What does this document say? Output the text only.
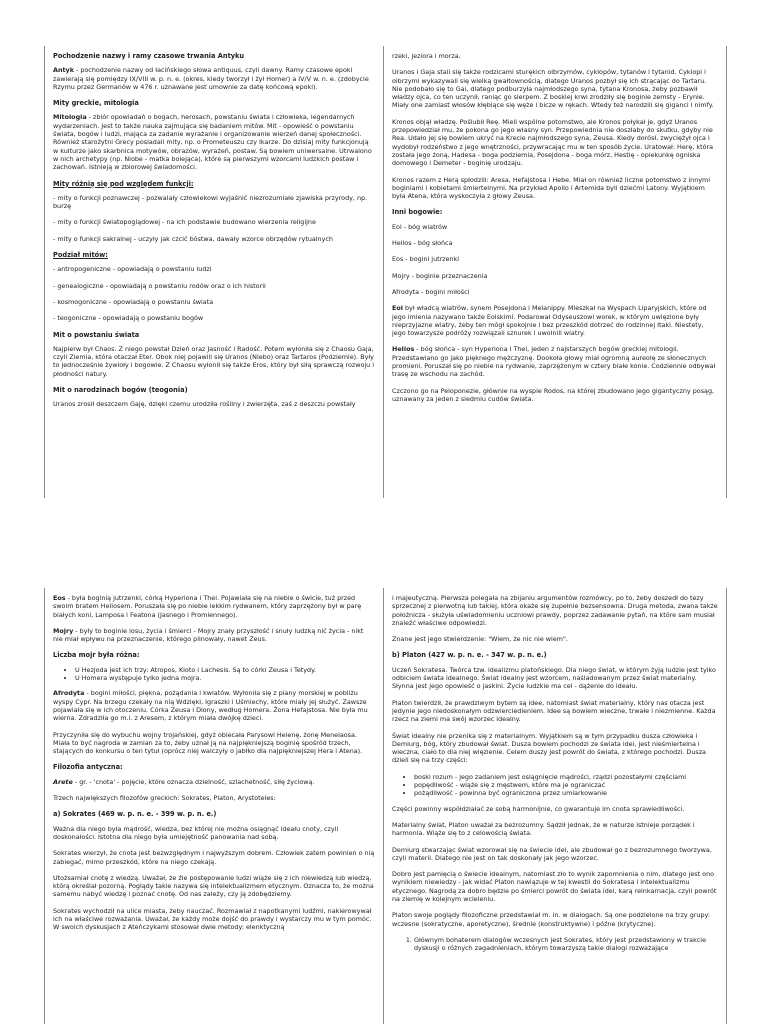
Pochodzenie nazwy i ramy czasowe trwania Antyku

Antyk - pochodzenie nazwy od łacińskiego słowa antiquus, czyli dawny. Ramy czasowe epoki zawierają się pomiędzy IX/VIII w. p. n. e. (okres, kiedy tworzył i żył Homer) a IV/V w. n. e. (zdobycie Rzymu przez Germanów w 476 r. uznawane jest umownie za datę końcową epoki).

Mity greckie, mitologia

Mitologia - zbiór opowiadań o bogach, herosach, powstaniu świata i człowieka, legendarnych wydarzeniach. Jest to także nauka zajmująca się badaniem mitów. Mit - opowieść o powstaniu świata, bogów i ludzi, mająca za zadanie wyrażanie i organizowanie wierzeń danej społeczności. Również starożytni Grecy posiadali mity, np. o Prometeuszu czy Ikarze. Do dzisiaj mity funkcjonują w kulturze jako skarbnica motywów, obrazów, wyrażeń, postaw. Są bowiem uniwersalne. Utrwalono w nich archetypy (np. Niobe - matka bolejąca), które są pierwszymi wzorcami ludzkich postaw i zachowań. Istnieją w zbiorowej świadomości.

Mity różnią się pod względem funkcji:

- mity o funkcji poznawczej - pozwalały człowiekowi wyjaśnić niezrozumiałe zjawiska przyrody, np. burzę

- mity o funkcji światopoglądowej - na ich podstawie budowano wierzenia religijne

- mity o funkcji sakralnej - uczyły jak czcić bóstwa, dawały wzorce obrzędów rytualnych

Podział mitów:

- antropogeniczne - opowiadają o powstaniu ludzi

- genealogiczne - opowiadają o powstaniu rodów oraz o ich historii

- kosmogoniczne - opowiadają o powstaniu świata

- teogoniczne - opowiadają o powstaniu bogów

Mit o powstaniu świata

Najpierw był Chaos. Z niego powstał Dzień oraz Jasność i Radość. Potem wyłoniła się z Chaosu Gaja, czyli Ziemia, która otaczał Eter. Obok niej pojawili się Uranos (Niebo) oraz Tartaros (Podziemie). Były to jednocześnie żywioły i bogowie. Z Chaosu wyłonił się także Eros, który był siłą sprawczą rozwoju i płodności natury.

Mit o narodzinach bogów (teogonia)

Uranos zrosił deszczem Gaję, dzięki czemu urodziła rośliny i zwierzęta, zaś z deszczu powstały

rzeki, jeziora i morza.

Uranos i Gaja stali się także rodzicami sturękich olbrzymów, cyklopów, tytanów i tytanid. Cyklopi i olbrzymi wykazywali się wielką gwałtownością, dlatego Uranos pozbył się ich strącając do Tartaru. Nie podobało się to Gai, dlatego podburzyła najmłodszego syna, tytana Kronosa, żeby pozbawił władzy ojca, co ten uczynił, raniąc go sierpem. Z boskiej krwi zrodziły się boginie zemsty - Erynie. Miały one zamiast włosów kłębiące się węże i bicze w rękach. Wtedy też narodzili się giganci i nimfy.

Kronos objął władzę. Poślubił Reę. Mieli wspólne potomstwo, ale Kronos połykał je, gdyż Uranos przepowiedział mu, że pokona go jego własny syn. Przepowiednia nie doszłaby do skutku, gdyby nie Rea. Udało jej się bowiem ukryć na Krecie najmłodszego syna, Zeusa. Kiedy dorósł, zwyciężył ojca i wydobył rodzeństwo z jego wnętrzności, przywracając mu w ten sposób życie. Uratował: Herę, która została jego żoną, Hadesa - boga podziemia, Posejdona - boga mórz, Hestię - opiekunkę ogniska domowego i Demeter - boginię urodzaju.

Kronos razem z Herą spłodzili: Aresa, Hefajstosa i Hebe. Miał on również liczne potomstwo z innymi boginiami i kobietami śmiertelnymi. Na przykład Apollo i Artemida byli dziećmi Latony. Wyjątkiem była Atena, która wyskoczyła z głowy Zeusa.

Inni bogowie:

Eol - bóg wiatrów

Helios - bóg słońca

Eos - bogini jutrzenki

Mojry - boginie przeznaczenia

Afrodyta - bogini miłości

Eol był władcą wiatrów, synem Posejdona i Melanippy. Mieszkał na Wyspach Liparyjskich, które od jego imienia nazywano także Eolskimi. Podarował Odyseuszowi worek, w którym uwięzione były nieprzyjazne wiatry, żeby ten mógł spokojnie i bez przeszkód dotrzeć do rodzinnej Itaki. Niestety, jego towarzysze podróży rozwiązali sznurek i uwolnili wiatry.

Helios - bóg słońca - syn Hyperiona i Thei, jeden z najstarszych bogów greckiej mitologii. Przedstawiano go jako pięknego mężczyznę. Dookoła głowy miał ogromną aureolę ze słonecznych promieni. Poruszał się po niebie na rydwanie, zaprzężonym w cztery białe konie. Codziennie odbywał trasę ze wschodu na zachód.

Czczono go na Peloponezie, głównie na wyspie Rodos, na której zbudowano jego gigantyczny posąg, uznawany za jeden z siedmiu cudów świata.

Eos - była boginią jutrzenki, córką Hyperiona i Thei. Pojawiała się na niebie o świcie, tuż przed swoim bratem Heliosem. Poruszała się po niebie lekkim rydwanem, który zaprzężony był w parę białych koni, Lamposa i Featona (Jasnego i Promiennego).

Mojry - były to boginie losu, życia i śmierci - Mojry znały przyszłość i snuły ludzką nić życia - nikt nie miał wpływu na przeznaczenie, którego pilnowały, nawet Zeus.

Liczba mojr była różna:
• U Hezjoda jest ich trzy: Atropos, Kloto i Lachesis. Są to córki Zeusa i Tetydy.
• U Homera występuje tylko jedna mojra.

Afrodyta - bogini miłości, piękna, pożądania i kwiatów. Wyłoniła się z piany morskiej w pobliżu wyspy Cypr. Na brzegu czekały na nią Wdzięki, Igraszki i Uśmiechy, które miały jej służyć. Zawsze pojawiała się w ich otoczeniu. Córka Zeusa i Diony, według Homera. Żona Hefajstosa. Nie była mu wierna. Zdradziła go m.i. z Aresem, z którym miała dwójkę dzieci.

Przyczyniła się do wybuchu wojny trojańskiej, gdyż obiecała Parysowi Helenę, żonę Menelaosa. Miała to być nagroda w zamian za to, żeby uznał ją na najpiękniejszą boginię spośród trzech, stających do konkursu o ten tytuł (oprócz niej walczyły o jabłko dla najpiękniejszej Hera i Atena).

Filozofia antyczna:

Arete - gr. - 'cnota' - pojęcie, które oznacza dzielność, szlachetność, siłę życiową.

Trzech największych filozofów greckich: Sokrates, Platon, Arystoteles:

a) Sokrates (469 w. p. n. e. - 399 w. p. n. e.)

Ważna dla niego była mądrość, wiedza, bez której nie można osiągnąć ideału cnoty, czyli doskonałości. Istotna dla niego była umiejętność panowania nad sobą.

Sokrates wierzył, że cnota jest bezwzględnym i najwyższym dobrem. Człowiek zatem powinien o nią zabiegać, mimo przeszkód, które na niego czekają.

Utożsamiał cnotę z wiedzą. Uważał, że źle postępowanie ludzi wiąże się z ich niewiedzą lub wiedzą, którą określał pozorną. Poglądy takie nazywa się intelektualizmem etycznym. Oznacza to, że można samemu nabyć wiedzę i poznać cnotę. Od nas zależy, czy ją zdobędziemy.

Sokrates wychodził na ulice miasta, żeby nauczać. Rozmawiał z napotkanymi ludźmi, nakierowywał ich na właściwe rozważania. Uważał, że każdy może dojść do prawdy i wystarczy mu w tym pomóc. W swoich dyskusjach z Ateńczykami stosował dwie metody: elenktyczną

i majeutyczną. Pierwsza polegała na zbijaniu argumentów rozmówcy, po to, żeby doszedł do tezy sprzecznej z pierwotną lub takiej, która okaże się zupełnie bezsensowna. Druga metoda, zwana także położnicza - służyła uświadomieniu uczniowi prawdy, poprzez zadawanie pytań, na które sam musiał znaleźć właściwe odpowiedzi.

Znane jest jego stwierdzenie: "Wiem, że nic nie wiem".

b) Platon (427 w. p. n. e. - 347 w. p. n. e.)

Uczeń Sokratesa. Twórca tzw. idealizmu platońskiego. Dla niego świat, w którym żyją ludzie jest tylko odbiciem świata idealnego. Świat idealny jest wzorcem, naśladowanym przez świat materialny. Słynna jest jego opowieść o jaskini. Życie ludzkie ma cel - dążenie do ideału.

Platon twierdził, że prawdziwym bytem są idee, natomiast świat materialny, który nas otacza jest jedynie jego niedoskonałym odzwierciedleniem. Idee są bowiem wieczne, trwałe i niezmienne. Każda rzecz na ziemi ma swój wzorzec idealny.

Świat idealny nie przenika się z materialnym. Wyjątkiem są w tym przypadku dusza człowieka i Demiurg, bóg, który zbudował świat. Dusza bowiem pochodzi ze świata idei, jest nieśmiertelna i wieczna, ciało to dla niej więzienie. Celem duszy jest powrót do świata, z którego pochodzi. Dusza dzieli się na trzy części:

• boski rozum - jego zadaniem jest osiągnięcie mądrości, rządzi pozostałymi częściami
• popędliwość - wiąże się z męstwem, które ma je ograniczać
• pożądliwość - powinna być ograniczona przez umiarkowanie

Części powinny współdziałać ze sobą harmonijnie, co gwarantuje im cnota sprawiedliwości.

Materialny świat, Platon uważał za bezrozumny. Sądził jednak, że w naturze istnieje porządek i harmonia. Wiąże się to z celowością świata.

Demiurg stwarzając świat wzorował się na świecie idei, ale zbudował go z bezrozumnego tworzywa, czyli materii. Dlatego nie jest on tak doskonały jak jego wzorzec.

Dobro jest pamięcią o świecie idealnym, natomiast zło to wynik zapomnienia o nim, dlatego jest ono wynikiem niewiedzy - jak widać Platon nawiązuje w tej kwestii do Sokratesa i intelektualizmu etycznego. Nagrodą za dobro będzie po śmierci powrót do świata idei, karą reinkarnacja, czyli powrót na ziemię w kolejnym wcieleniu.

Platon swoje poglądy filozoficzne przedstawiał m. in. w dialogach. Są one podzielone na trzy grupy: wczesne (sokratyczne, aporetyczne), średnie (konstruktywne) i późne (krytyczne).

1. Głównym bohaterem dialogów wczesnych jest Sokrates, który jest przedstawiony w trakcie dyskusji o różnych zagadnieniach, którym towarzyszą takie dialogi rozważające
